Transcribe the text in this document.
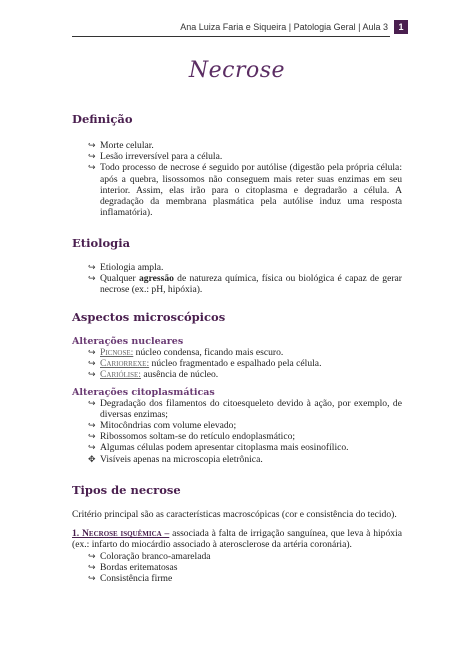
Ana Luiza Faria e Siqueira | Patologia Geral | Aula 3	1
Necrose
Definição
↪ Morte celular.
↪ Lesão irreversível para a célula.
↪ Todo processo de necrose é seguido por autólise (digestão pela própria célula: após a quebra, lisossomos não conseguem mais reter suas enzimas em seu interior. Assim, elas irão para o citoplasma e degradarão a célula. A degradação da membrana plasmática pela autólise induz uma resposta inflamatória).
Etiologia
↪ Etiologia ampla.
↪ Qualquer agressão de natureza química, física ou biológica é capaz de gerar necrose (ex.: pH, hipóxia).
Aspectos microscópicos
Alterações nucleares
↪ Picnose: núcleo condensa, ficando mais escuro.
↪ Cariorrexe: núcleo fragmentado e espalhado pela célula.
↪ Cariólise: ausência de núcleo.
Alterações citoplasmáticas
↪ Degradação dos filamentos do citoesqueleto devido à ação, por exemplo, de diversas enzimas;
↪ Mitocôndrias com volume elevado;
↪ Ribossomos soltam-se do retículo endoplasmático;
↪ Algumas células podem apresentar citoplasma mais eosinofílico.
✥ Visíveis apenas na microscopia eletrônica.
Tipos de necrose
Critério principal são as características macroscópicas (cor e consistência do tecido).
1. Necrose isquêmica – associada à falta de irrigação sanguínea, que leva à hipóxia (ex.: infarto do miocárdio associado à aterosclerose da artéria coronária).
↪ Coloração branco-amarelada
↪ Bordas eritematosas
↪ Consistência firme
